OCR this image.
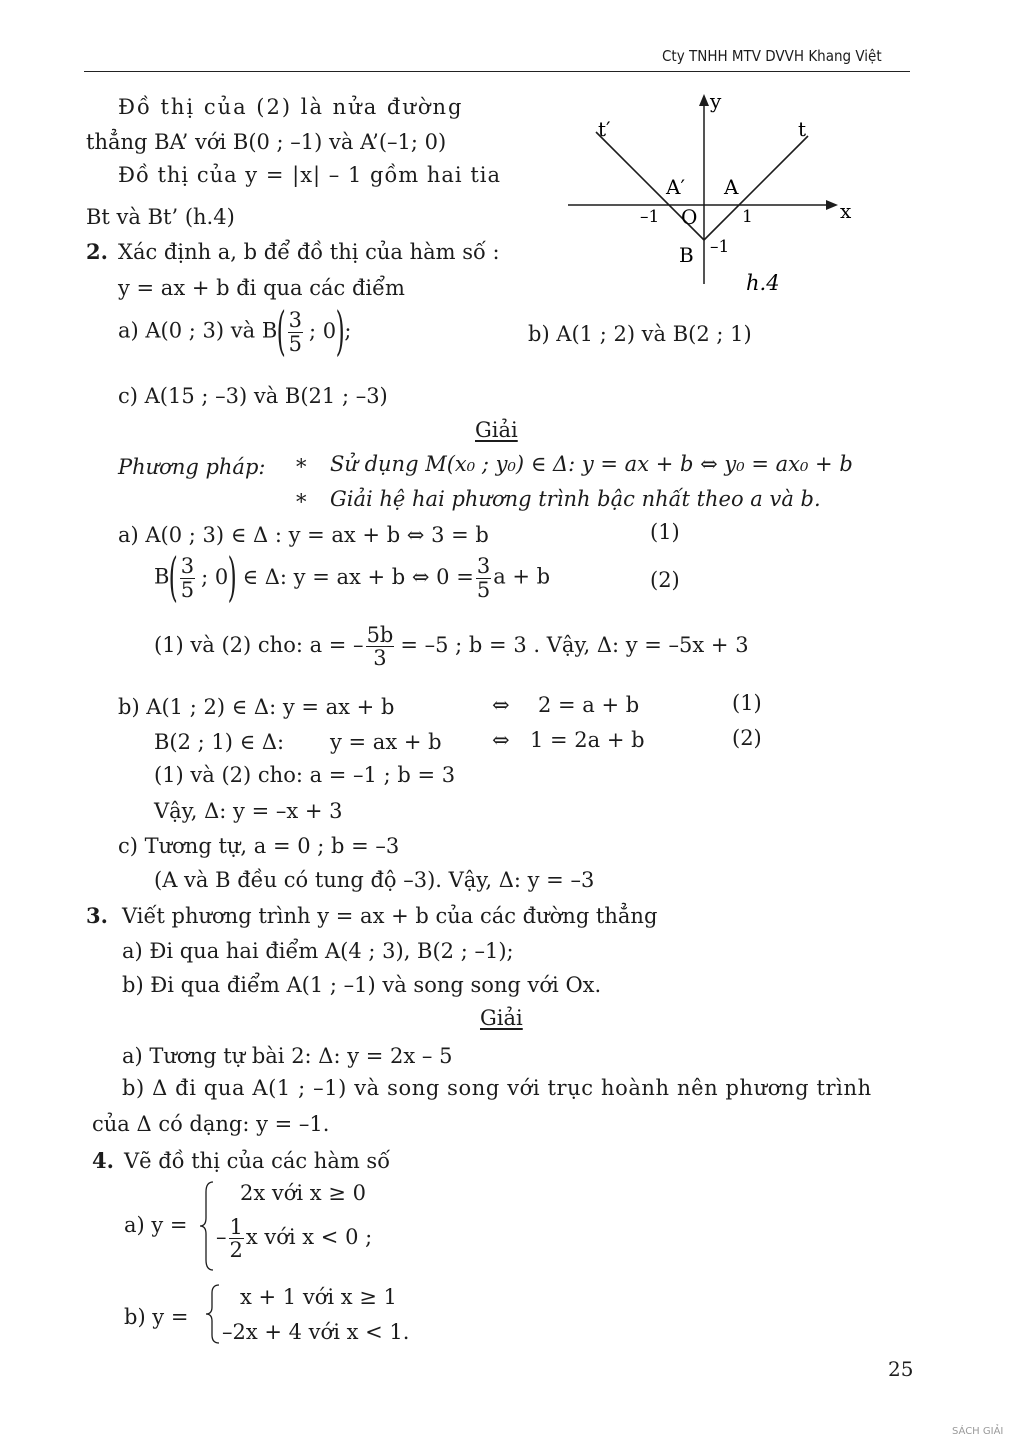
Cty TNHH MTV DVVH Khang Việt
Đồ thị của (2) là nửa đường
thẳng BA’ với B(0 ; –1) và A’(–1; 0)
Đồ thị của y = |x| – 1 gồm hai tia
Bt và Bt’ (h.4)
y
x
t
t′
A′ A
–1 O	1
B –1
h.4
2. Xác định a, b để đồ thị của hàm số :
y = ax + b đi qua các điểm
a) A(0 ; 3) và $B( \frac{3}{5}$ ; 0);	b) A(1 ; 2) và B(2 ; 1)
c) A(15 ; –3) và B(21 ; –3)
Giải
Phương pháp: * Sử dụng M(x₀ ; y₀) ∈ Δ: y = ax + b ⇔ y₀ = ax₀ + b
* Giải hệ hai phương trình bậc nhất theo a và b.
a) A(0 ; 3) ∈ Δ : y = ax + b ⇔ 3 = b	(1)
$B( \frac{3}{5}$ ; 0) ∈ Δ: y = ax + b ⇔ $0 = \frac{3}{5}$ a + b	(2)
(1) và (2) cho: a = – $\frac{5b}{3} = -5$ ; b = 3 . Vậy, Δ: y = –5x + 3
b) A(1 ; 2) ∈ Δ: y = ax + b	⇔ 2 = a + b	(1)
B(2 ; 1) ∈ Δ: y = ax + b ⇔ 1 = 2a + b	(2)
(1) và (2) cho: a = –1 ; b = 3
Vậy, Δ: y = –x + 3
c) Tương tự, a = 0 ; b = –3
(A và B đều có tung độ –3). Vậy, Δ: y = –3
3. Viết phương trình y = ax + b của các đường thẳng
a) Đi qua hai điểm A(4 ; 3), B(2 ; –1);
b) Đi qua điểm A(1 ; –1) và song song với Ox.
Giải
a) Tương tự bài 2: Δ: y = 2x – 5
b) Δ đi qua A(1 ; –1) và song song với trục hoành nên phương trình
của Δ có dạng: y = –1.
4. Vẽ đồ thị của các hàm số
a) y =
2x với x ≥ 0
– $\frac{1}{2}$ x với x < 0 ;
b) y =
x + 1 với x ≥ 1
–2x + 4 với x < 1.
25
SÁCH GIẢI
